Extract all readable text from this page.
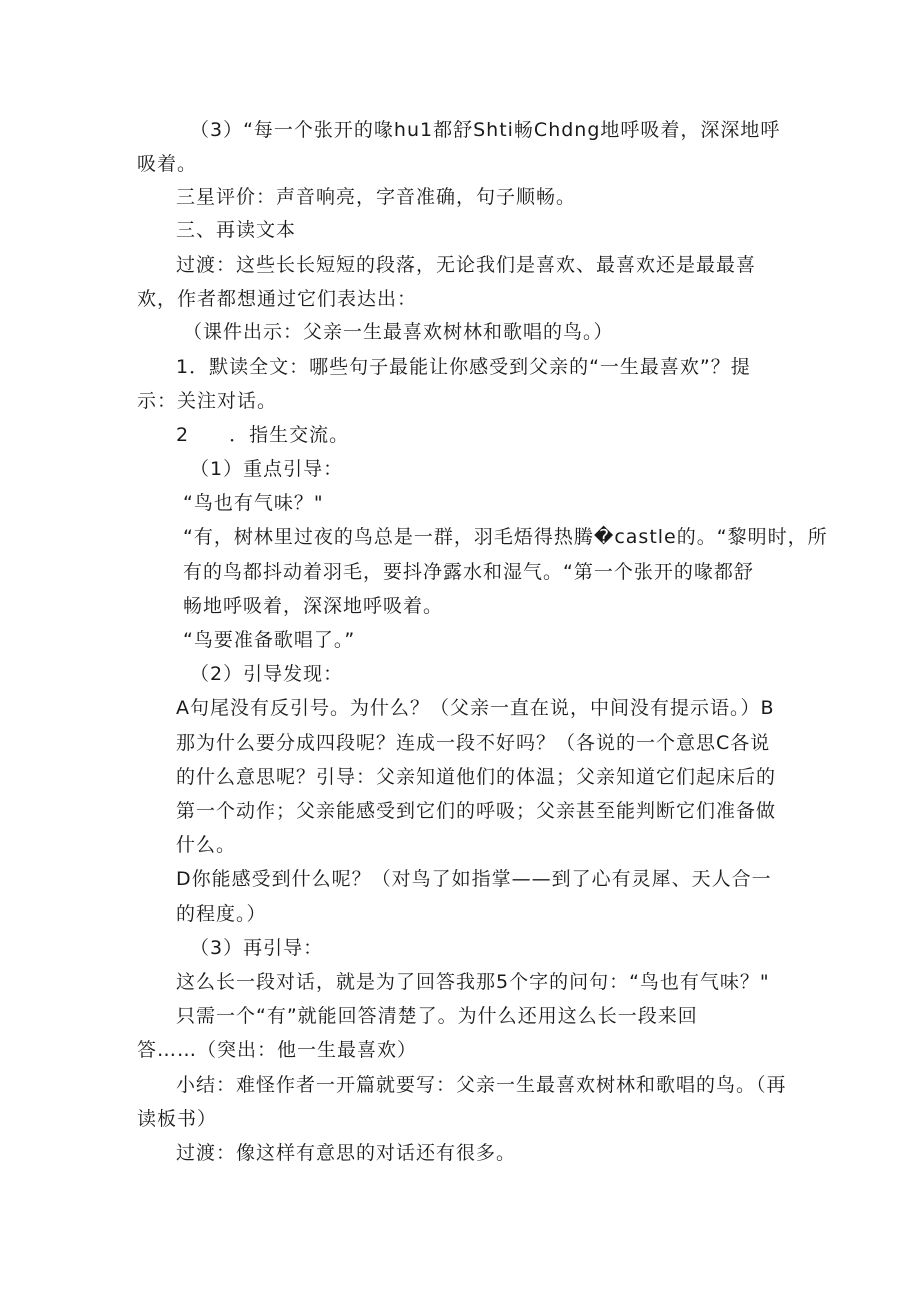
（3）“每一个张开的喙hu1都舒Shti畅Chdng地呼吸着，深深地呼
吸着。
三星评价：声音响亮，字音准确，句子顺畅。
三、再读文本
过渡：这些长长短短的段落，无论我们是喜欢、最喜欢还是最最喜
欢，作者都想通过它们表达出：
（课件出示：父亲一生最喜欢树林和歌唱的鸟。）
1．默读全文：哪些句子最能让你感受到父亲的“一生最喜欢”？提
示：关注对话。
2　　．指生交流。
（1）重点引导：
“鸟也有气味？"
“有，树林里过夜的鸟总是一群，羽毛焐得热腾�castle的。“黎明时，所
有的鸟都抖动着羽毛，要抖净露水和湿气。“第一个张开的喙都舒
畅地呼吸着，深深地呼吸着。
“鸟要准备歌唱了。”
（2）引导发现：
A句尾没有反引号。为什么？（父亲一直在说，中间没有提示语。）B
那为什么要分成四段呢？连成一段不好吗？（各说的一个意思C各说
的什么意思呢？引导：父亲知道他们的体温；父亲知道它们起床后的
第一个动作；父亲能感受到它们的呼吸；父亲甚至能判断它们准备做
什么。
D你能感受到什么呢？（对鸟了如指掌——到了心有灵犀、天人合一
的程度。）
（3）再引导：
这么长一段对话，就是为了回答我那5个字的问句：“鸟也有气味？"
只需一个“有”就能回答清楚了。为什么还用这么长一段来回
答……（突出：他一生最喜欢）
小结：难怪作者一开篇就要写：父亲一生最喜欢树林和歌唱的鸟。（再
读板书）
过渡：像这样有意思的对话还有很多。
